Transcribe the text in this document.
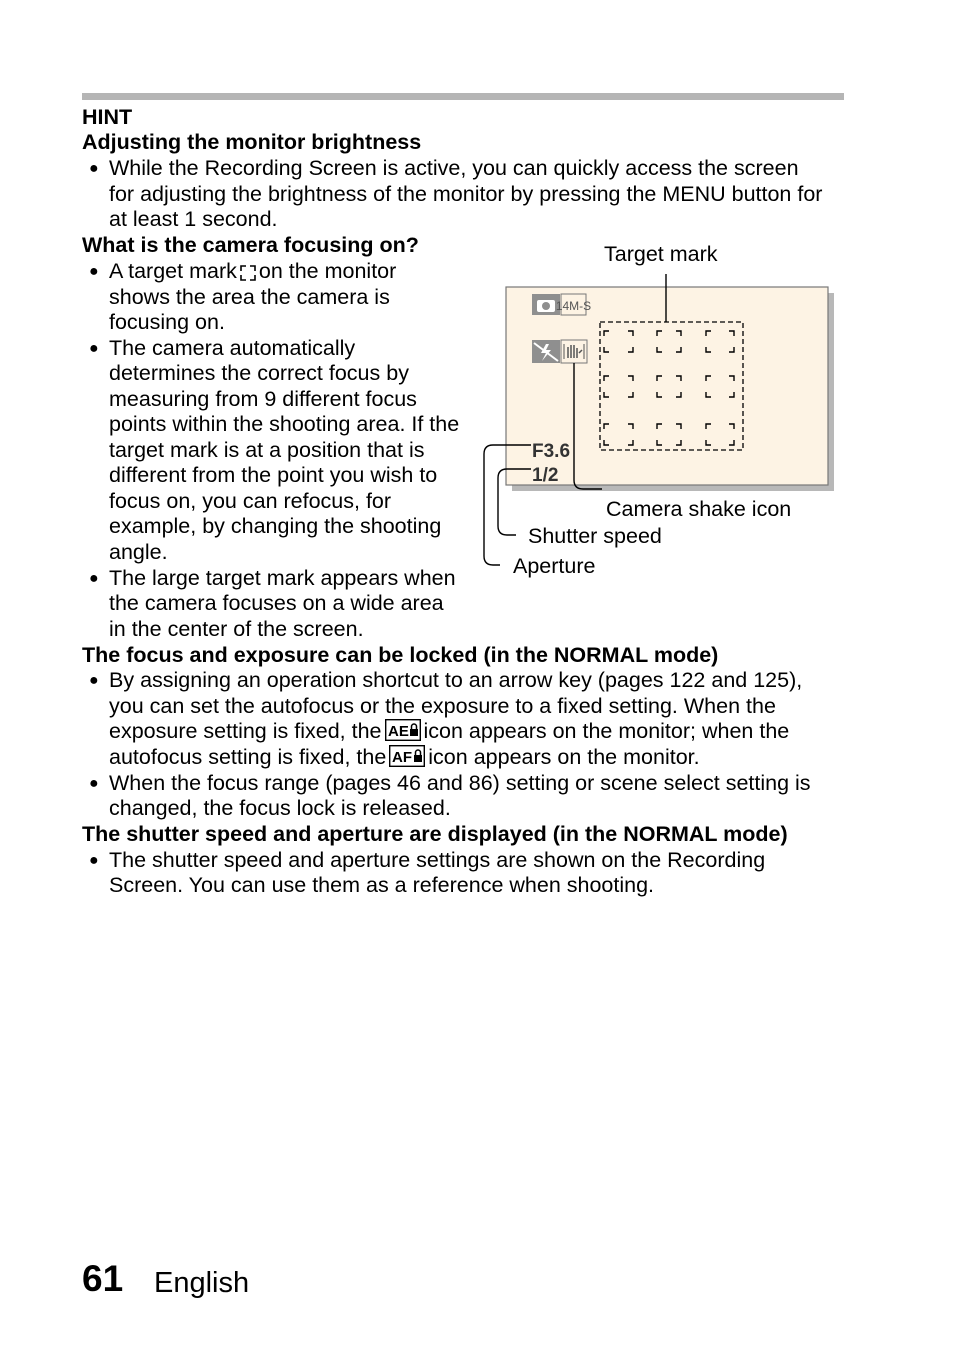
HINT
Adjusting the monitor brightness
● While the Recording Screen is active, you can quickly access the screen
for adjusting the brightness of the monitor by pressing the MENU button for
at least 1 second.
What is the camera focusing on?
● A target mark on the monitor
shows the area the camera is
focusing on.
● The camera automatically
determines the correct focus by
measuring from 9 different focus
points within the shooting area. If the
target mark is at a position that is
different from the point you wish to
focus on, you can refocus, for
example, by changing the shooting
angle.
● The large target mark appears when
the camera focuses on a wide area
in the center of the screen.
14M-S
F3.6
1/2
Target mark
Camera shake icon
Shutter speed
Aperture
The focus and exposure can be locked (in the NORMAL mode)
● By assigning an operation shortcut to an arrow key (pages 122 and 125),
you can set the autofocus or the exposure to a fixed setting. When the
exposure setting is fixed, the AE icon appears on the monitor; when the
autofocus setting is fixed, the AF icon appears on the monitor.
● When the focus range (pages 46 and 86) setting or scene select setting is
changed, the focus lock is released.
The shutter speed and aperture are displayed (in the NORMAL mode)
● The shutter speed and aperture settings are shown on the Recording
Screen. You can use them as a reference when shooting.
61 English
